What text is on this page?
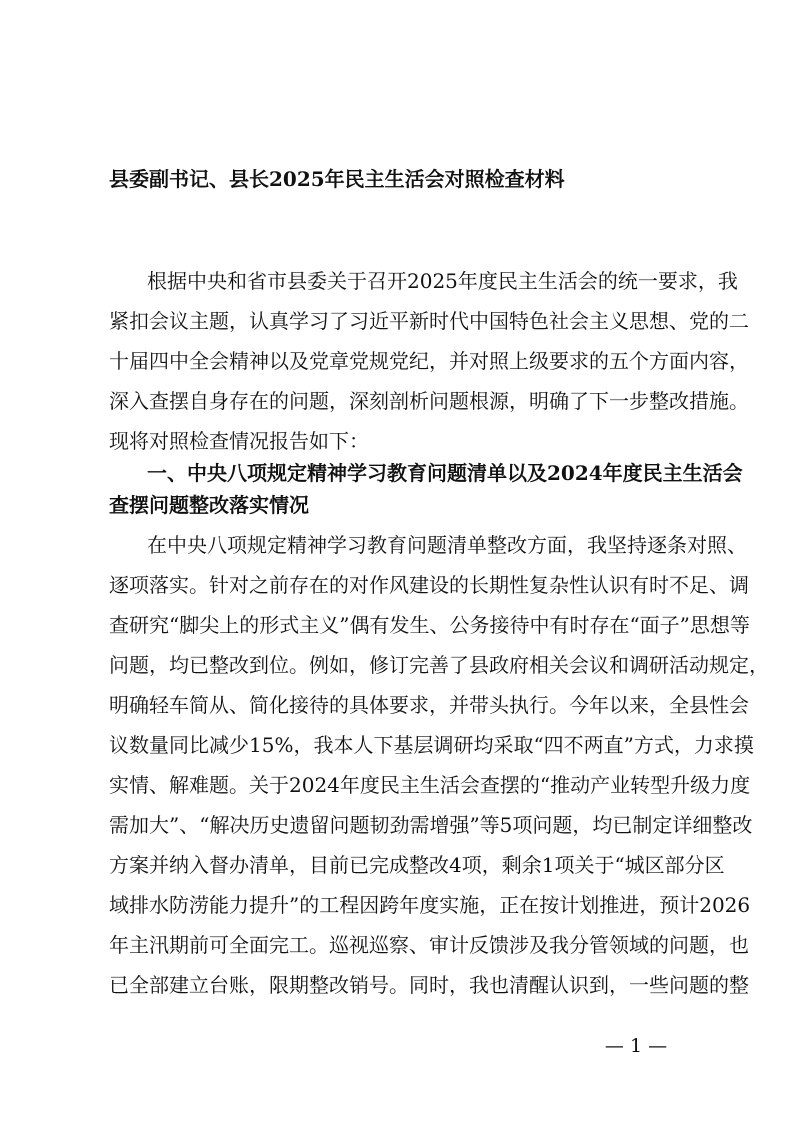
县委副书记、县长2025年民主生活会对照检查材料
根据中央和省市县委关于召开2025年度民主生活会的统一要求，我
紧扣会议主题，认真学习了习近平新时代中国特色社会主义思想、党的二
十届四中全会精神以及党章党规党纪，并对照上级要求的五个方面内容，
深入查摆自身存在的问题，深刻剖析问题根源，明确了下一步整改措施。
现将对照检查情况报告如下：
一、中央八项规定精神学习教育问题清单以及2024年度民主生活会
查摆问题整改落实情况
在中央八项规定精神学习教育问题清单整改方面，我坚持逐条对照、
逐项落实。针对之前存在的对作风建设的长期性复杂性认识有时不足、调
查研究“脚尖上的形式主义”偶有发生、公务接待中有时存在“面子”思想等
问题，均已整改到位。例如，修订完善了县政府相关会议和调研活动规定，
明确轻车简从、简化接待的具体要求，并带头执行。今年以来，全县性会
议数量同比减少15%，我本人下基层调研均采取“四不两直”方式，力求摸
实情、解难题。关于2024年度民主生活会查摆的“推动产业转型升级力度
需加大”、“解决历史遗留问题韧劲需增强”等5项问题，均已制定详细整改
方案并纳入督办清单，目前已完成整改4项，剩余1项关于“城区部分区
域排水防涝能力提升”的工程因跨年度实施，正在按计划推进，预计2026
年主汛期前可全面完工。巡视巡察、审计反馈涉及我分管领域的问题，也
已全部建立台账，限期整改销号。同时，我也清醒认识到，一些问题的整
— 1 —
